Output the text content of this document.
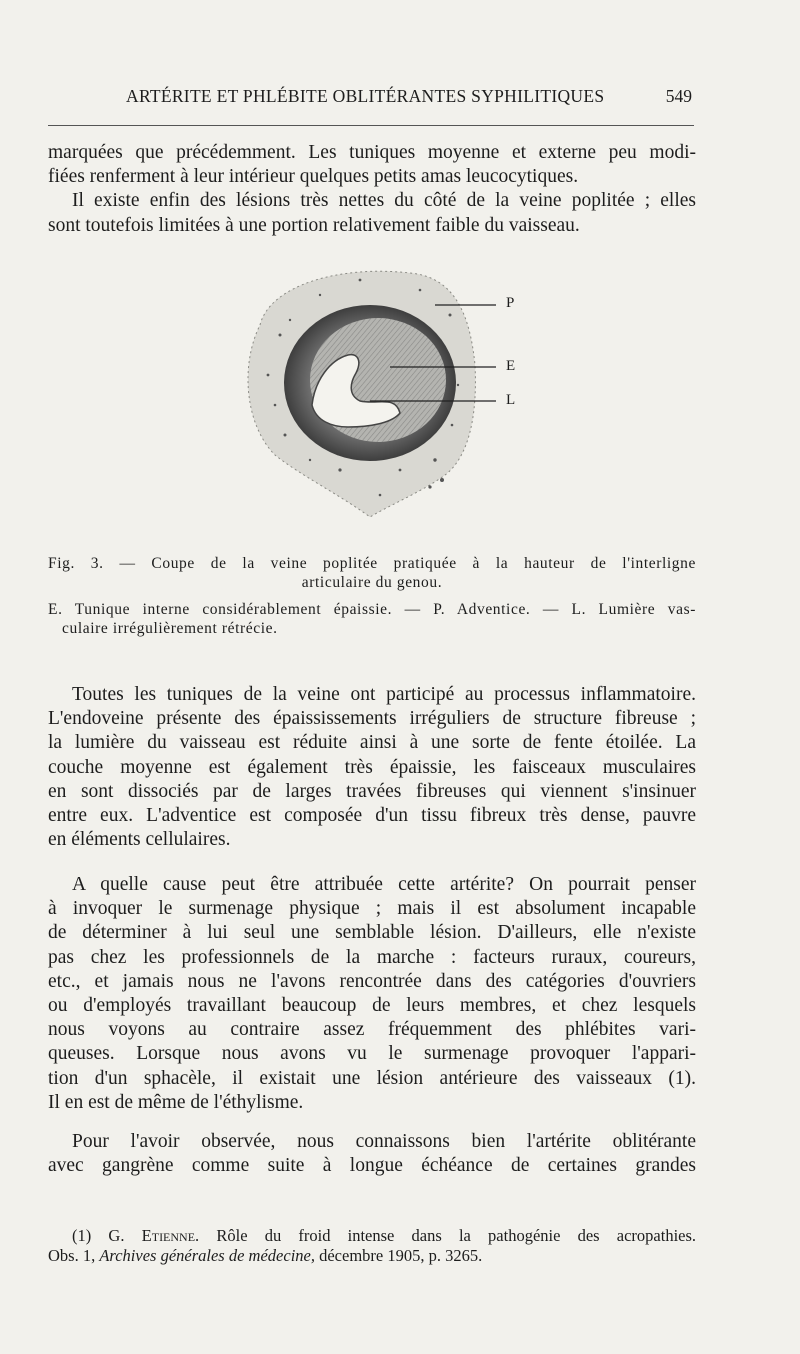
ARTÉRITE ET PHLÉBITE OBLITÉRANTES SYPHILITIQUES	549

marquées que précédemment. Les tuniques moyenne et externe peu modi-
fiées renferment à leur intérieur quelques petits amas leucocytiques.
Il existe enfin des lésions très nettes du côté de la veine poplitée ; elles
sont toutefois limitées à une portion relativement faible du vaisseau.

P
E
L

Fig. 3. — Coupe de la veine poplitée pratiquée à la hauteur de l'interligne
articulaire du genou.

E. Tunique interne considérablement épaissie. — P. Adventice. — L. Lumière vas-
culaire irrégulièrement rétrécie.

Toutes les tuniques de la veine ont participé au processus inflammatoire.
L'endoveine présente des épaississements irréguliers de structure fibreuse ;
la lumière du vaisseau est réduite ainsi à une sorte de fente étoilée. La
couche moyenne est également très épaissie, les faisceaux musculaires
en sont dissociés par de larges travées fibreuses qui viennent s'insinuer
entre eux. L'adventice est composée d'un tissu fibreux très dense, pauvre
en éléments cellulaires.

A quelle cause peut être attribuée cette artérite? On pourrait penser
à invoquer le surmenage physique ; mais il est absolument incapable
de déterminer à lui seul une semblable lésion. D'ailleurs, elle n'existe
pas chez les professionnels de la marche : facteurs ruraux, coureurs,
etc., et jamais nous ne l'avons rencontrée dans des catégories d'ouvriers
ou d'employés travaillant beaucoup de leurs membres, et chez lesquels
nous voyons au contraire assez fréquemment des phlébites vari-
queuses. Lorsque nous avons vu le surmenage provoquer l'appari-
tion d'un sphacèle, il existait une lésion antérieure des vaisseaux (1).
Il en est de même de l'éthylisme.

Pour l'avoir observée, nous connaissons bien l'artérite oblitérante
avec gangrène comme suite à longue échéance de certaines grandes

(1) G. Etienne. Rôle du froid intense dans la pathogénie des acropathies.
Obs. 1, Archives générales de médecine, décembre 1905, p. 3265.
